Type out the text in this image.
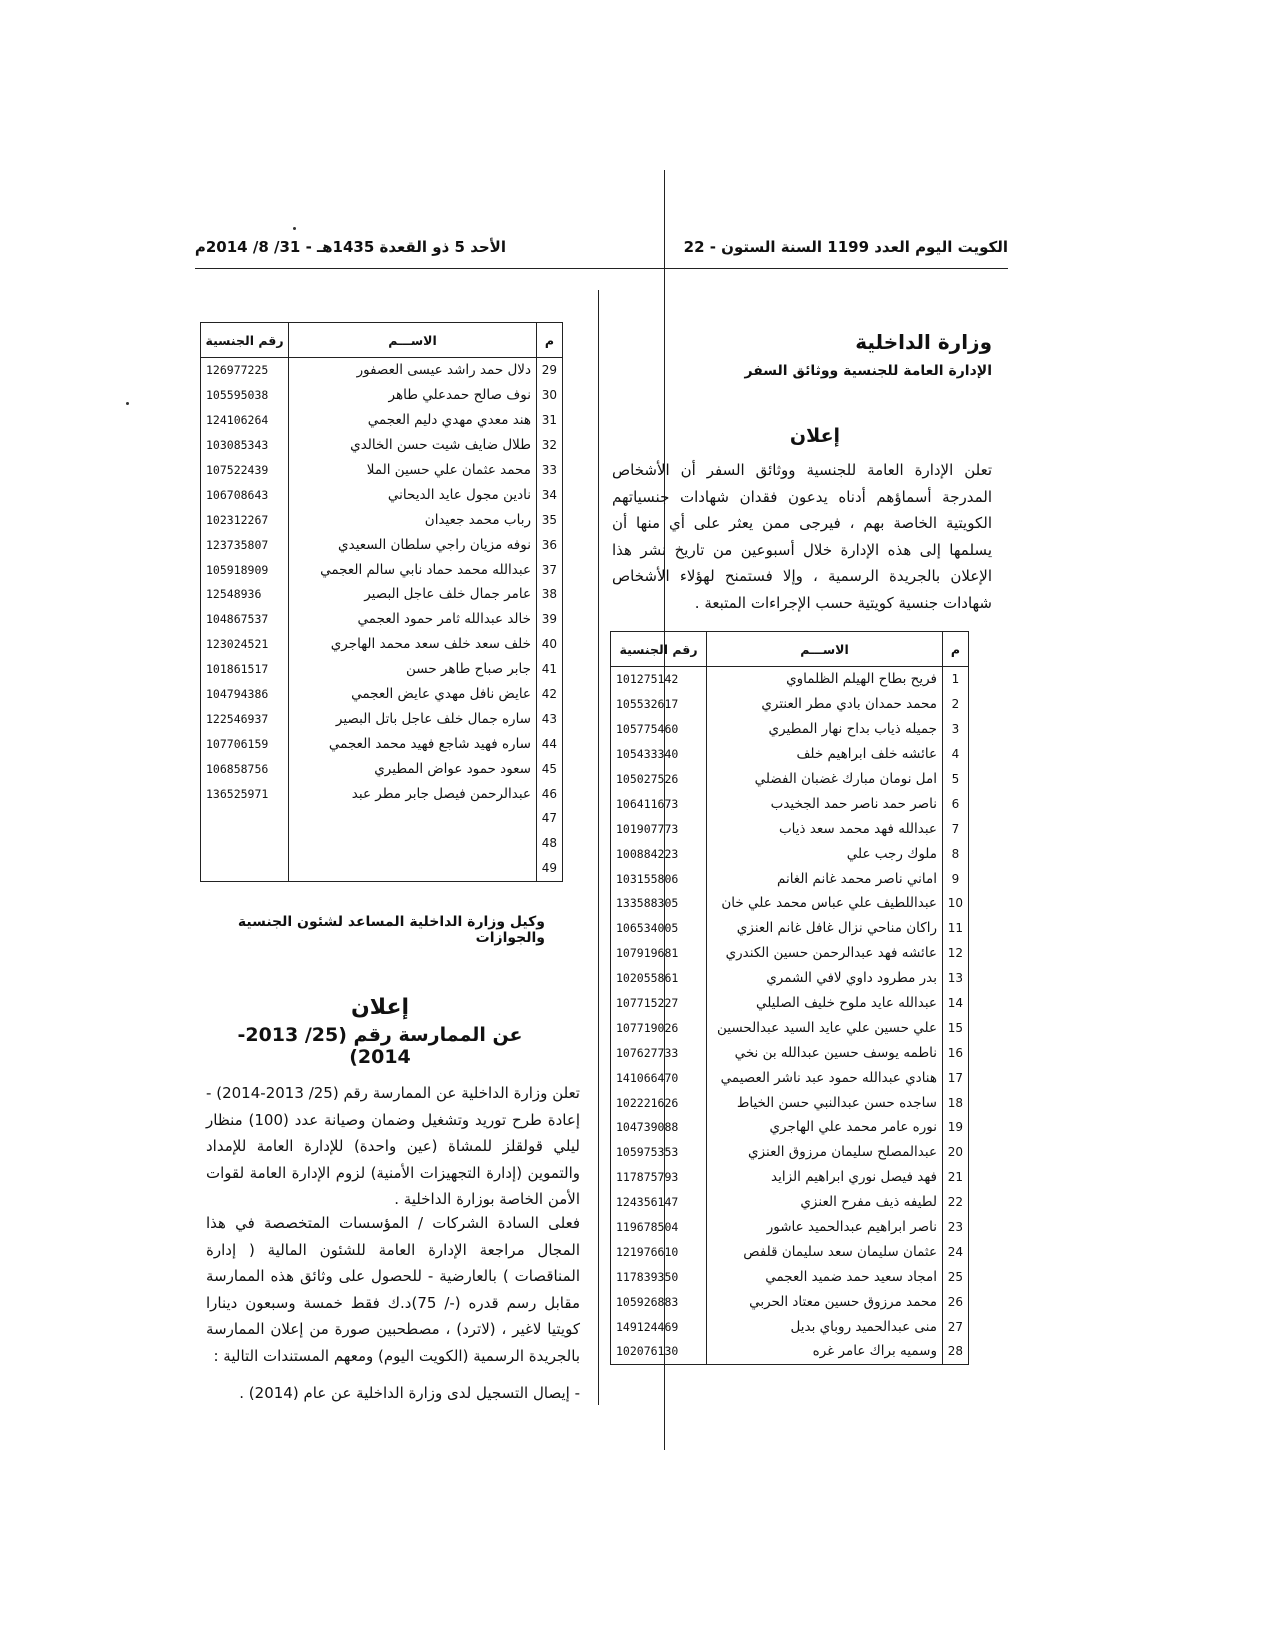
الكويت اليوم العدد 1199 السنة الستون - 22
الأحد 5 ذو القعدة 1435هـ - 31/ 8/ 2014م
وزارة الداخلية
الإدارة العامة للجنسية ووثائق السفر
إعلان
تعلن الإدارة العامة للجنسية ووثائق السفر أن الأشخاص المدرجة أسماؤهم أدناه يدعون فقدان شهادات جنسياتهم الكويتية الخاصة بهم ، فيرجى ممن يعثر على أي منها أن يسلمها إلى هذه الإدارة خلال أسبوعين من تاريخ نشر هذا الإعلان بالجريدة الرسمية ، وإلا فستمنح لهؤلاء الأشخاص شهادات جنسية كويتية حسب الإجراءات المتبعة .
م	الاســـم	رقم الجنسية
1	فريح بطاح الهيلم الظلماوي	101275142
2	محمد حمدان بادي مطر العنتري	105532617
3	جميله ذياب بداح نهار المطيري	105775460
4	عائشه خلف ابراهيم خلف	105433340
5	امل نومان مبارك غضبان الفضلي	105027526
6	ناصر حمد ناصر حمد الجخيدب	106411673
7	عبدالله فهد محمد سعد ذياب	101907773
8	ملوك رجب علي	100884223
9	اماني ناصر محمد غانم الغانم	103155806
10	عبداللطيف علي عباس محمد علي خان	133588305
11	راكان مناحي نزال غافل غانم العنزي	106534005
12	عائشه فهد عبدالرحمن حسين الكندري	107919681
13	بدر مطرود داوي لافي الشمري	102055861
14	عبدالله عايد ملوح خليف الصليلي	107715227
15	علي حسين علي عايد السيد عبدالحسين	107719026
16	ناطمه يوسف حسين عبدالله بن نخي	107627733
17	هنادي عبدالله حمود عبد ناشر العصيمي	141066470
18	ساجده حسن عبدالنبي حسن الخياط	102221626
19	نوره عامر محمد علي الهاجري	104739088
20	عبدالمصلح سليمان مرزوق العنزي	105975353
21	فهد فيصل نوري ابراهيم الزايد	117875793
22	لطيفه ذيف مفرح العنزي	124356147
23	ناصر ابراهيم عبدالحميد عاشور	119678504
24	عثمان سليمان سعد سليمان قلفص	121976610
25	امجاد سعيد حمد ضميد العجمي	117839350
26	محمد مرزوق حسين معتاد الحربي	105926883
27	منى عبدالحميد روباي بديل	149124469
28	وسميه براك عامر غره	102076130
م	الاســـم	رقم الجنسية
29	دلال حمد راشد عيسى العصفور	126977225
30	نوف صالح حمدعلي طاهر	105595038
31	هند معدي مهدي دليم العجمي	124106264
32	طلال ضايف شيت حسن الخالدي	103085343
33	محمد عثمان علي حسين الملا	107522439
34	نادين مجول عايد الديحاني	106708643
35	رباب محمد جعيدان	102312267
36	نوفه مزيان راجي سلطان السعيدي	123735807
37	عبدالله محمد حماد نابي سالم العجمي	105918909
38	عامر جمال خلف عاجل البصير	12548936
39	خالد عبدالله ثامر حمود العجمي	104867537
40	خلف سعد خلف سعد محمد الهاجري	123024521
41	جابر صباح طاهر حسن	101861517
42	عايض نافل مهدي عايض العجمي	104794386
43	ساره جمال خلف عاجل باتل البصير	122546937
44	ساره فهيد شاجع فهيد محمد العجمي	107706159
45	سعود حمود عواض المطيري	106858756
46	عبدالرحمن فيصل جابر مطر عبد	136525971
47		
48		
49		
وكيل وزارة الداخلية المساعد لشئون الجنسية والجوازات
إعلان
عن الممارسة رقم (25/ 2013-2014)
تعلن وزارة الداخلية عن الممارسة رقم (25/ 2013-2014) - إعادة طرح توريد وتشغيل وضمان وصيانة عدد (100) منظار ليلي قولقلز للمشاة (عين واحدة) للإدارة العامة للإمداد والتموين (إدارة التجهيزات الأمنية) لزوم الإدارة العامة لقوات الأمن الخاصة بوزارة الداخلية .
فعلى السادة الشركات / المؤسسات المتخصصة في هذا المجال مراجعة الإدارة العامة للشئون المالية ( إدارة المناقصات ) بالعارضية - للحصول على وثائق هذه الممارسة مقابل رسم قدره (-/ 75)د.ك فقط خمسة وسبعون دينارا كويتيا لاغير ، (لاترد) ، مصطحبين صورة من إعلان الممارسة بالجريدة الرسمية (الكويت اليوم) ومعهم المستندات التالية :
- إيصال التسجيل لدى وزارة الداخلية عن عام (2014) .
